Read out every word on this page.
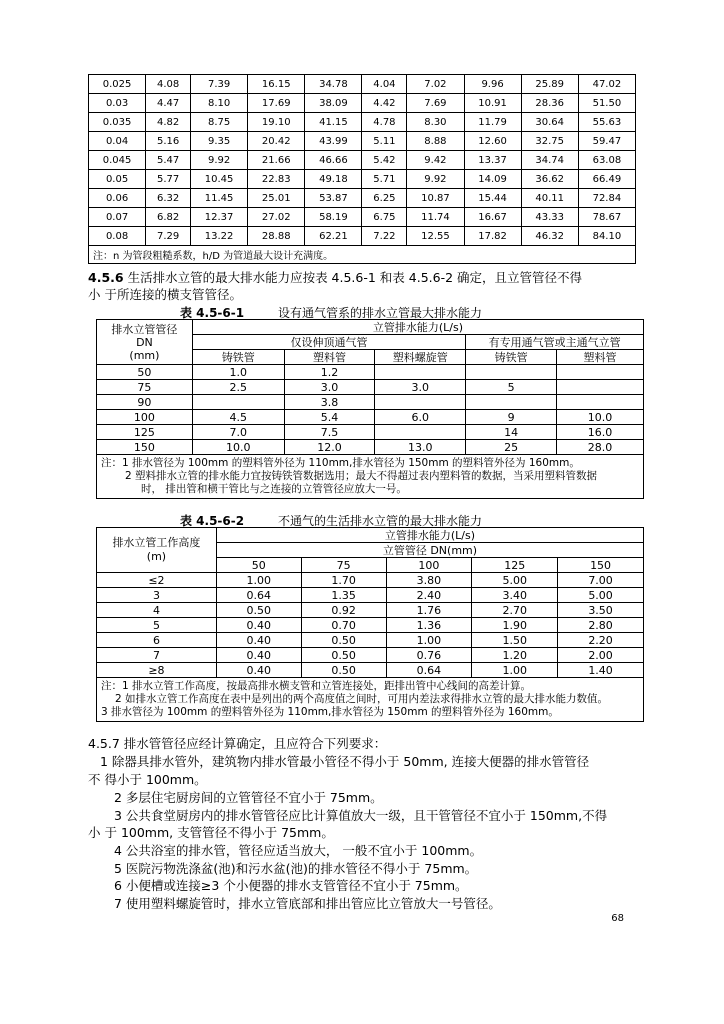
0.025	4.08	7.39	16.15	34.78	4.04	7.02	9.96	25.89	47.02
0.03	4.47	8.10	17.69	38.09	4.42	7.69	10.91	28.36	51.50
0.035	4.82	8.75	19.10	41.15	4.78	8.30	11.79	30.64	55.63
0.04	5.16	9.35	20.42	43.99	5.11	8.88	12.60	32.75	59.47
0.045	5.47	9.92	21.66	46.66	5.42	9.42	13.37	34.74	63.08
0.05	5.77	10.45	22.83	49.18	5.71	9.92	14.09	36.62	66.49
0.06	6.32	11.45	25.01	53.87	6.25	10.87	15.44	40.11	72.84
0.07	6.82	12.37	27.02	58.19	6.75	11.74	16.67	43.33	78.67
0.08	7.29	13.22	28.88	62.21	7.22	12.55	17.82	46.32	84.10
注：n 为管段粗糙系数，h/D 为管道最大设计充满度。									
4.5.6 生活排水立管的最大排水能力应按表 4.5.6-1 和表 4.5.6-2 确定，且立管管径不得
小 于所连接的横支管管径。
表 4.5-6-1	设有通气管系的排水立管最大排水能力
排水立管管径
DN
(mm)	立管排水能力(L/s)				
	仅设伸顶通气管			有专用通气管或主通气立管	
	铸铁管	塑料管	塑料螺旋管	铸铁管	塑料管
50	1.0	1.2			
75	2.5	3.0	3.0	5	
90		3.8			
100	4.5	5.4	6.0	9	10.0
125	7.0	7.5		14	16.0
150	10.0	12.0	13.0	25	28.0

注：1 排水管径为 100mm 的塑料管外径为 110mm,排水管径为 150mm 的塑料管外径为 160mm。
2 塑料排水立管的排水能力宜按铸铁管数据选用；最大不得超过表内塑料管的数据，当采用塑料管数据
时， 排出管和横干管比与之连接的立管管径应放大一号。					
表 4.5-6-2	不通气的生活排水立管的最大排水能力
排水立管工作高度
(m)	立管排水能力(L/s)				
	立管管径 DN(mm)				
	50	75	100	125	150
≤2	1.00	1.70	3.80	5.00	7.00
3	0.64	1.35	2.40	3.40	5.00
4	0.50	0.92	1.76	2.70	3.50
5	0.40	0.70	1.36	1.90	2.80
6	0.40	0.50	1.00	1.50	2.20
7	0.40	0.50	0.76	1.20	2.00
≥8	0.40	0.50	0.64	1.00	1.40

注：1 排水立管工作高度，按最高排水横支管和立管连接处，距排出管中心线间的高差计算。
2 如排水立管工作高度在表中是列出的两个高度值之间时，可用内差法求得排水立管的最大排水能力数值。
3 排水管径为 100mm 的塑料管外径为 110mm,排水管径为 150mm 的塑料管外径为 160mm。					
4.5.7 排水管管径应经计算确定，且应符合下列要求：
1 除器具排水管外，建筑物内排水管最小管径不得小于 50mm, 连接大便器的排水管管径
不 得小于 100mm。
2 多层住宅厨房间的立管管径不宜小于 75mm。
3 公共食堂厨房内的排水管管径应比计算值放大一级，且干管管径不宜小于 150mm,不得
小 于 100mm, 支管管径不得小于 75mm。
4 公共浴室的排水管，管径应适当放大， 一般不宜小于 100mm。
5 医院污物洗涤盆(池)和污水盆(池)的排水管径不得小于 75mm。
6 小便槽或连接≥3 个小便器的排水支管管径不宜小于 75mm。
7 使用塑料螺旋管时，排水立管底部和排出管应比立管放大一号管径。
68
